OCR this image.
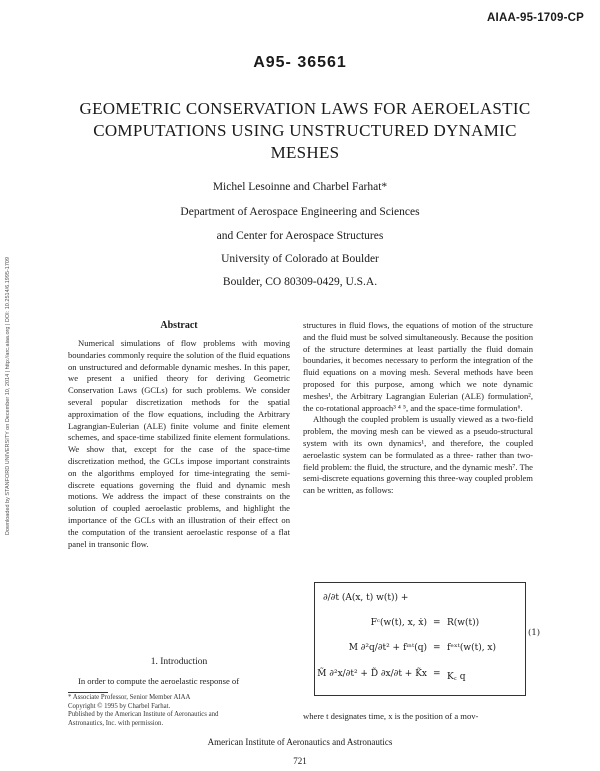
AIAA-95-1709-CP
A95- 36561
GEOMETRIC CONSERVATION LAWS FOR AEROELASTIC
COMPUTATIONS USING UNSTRUCTURED DYNAMIC
MESHES
Michel Lesoinne and Charbel Farhat*
Department of Aerospace Engineering and Sciences
and Center for Aerospace Structures
University of Colorado at Boulder
Boulder, CO 80309-0429, U.S.A.
Downloaded by STANFORD UNIVERSITY on December 10, 2014 | http://arc.aiaa.org | DOI: 10.2514/6.1995-1709	Abstract

Numerical simulations of flow problems with moving boundaries commonly require the solution of the fluid equations on unstructured and deformable dynamic meshes. In this paper, we present a unified theory for deriving Geometric Conservation Laws (GCLs) for such problems. We consider several popular discretization methods for the spatial approximation of the flow equations, including the Arbitrary Lagrangian-Eulerian (ALE) finite volume and finite element schemes, and space-time stabilized finite element formulations. We show that, except for the case of the space-time discretization method, the GCLs impose important constraints on the algorithms employed for time-integrating the semi-discrete equations governing the fluid and dynamic mesh motions. We address the impact of these constraints on the solution of coupled aeroelastic problems, and highlight the importance of the GCLs with an illustration of their effect on the computation of the transient aeroelastic response of a flat panel in transonic flow.

1. Introduction

In order to compute the aeroelastic response of

* Associate Professor, Senior Member AIAA
Copyright © 1995 by Charbel Farhat.
Published by the American Institute of Aeronautics and
Astronautics, Inc. with permission.

structures in fluid flows, the equations of motion of the structure and the fluid must be solved simultaneously. Because the position of the structure determines at least partially the fluid domain boundaries, it becomes necessary to perform the integration of the fluid equations on a moving mesh. Several methods have been proposed for this purpose, among which we note dynamic meshes¹, the Arbitrary Lagrangian Eulerian (ALE) formulation², the co-rotational approach³ ⁴ ⁵, and the space-time formulation⁶.

Although the coupled problem is usually viewed as a two-field problem, the moving mesh can be viewed as a pseudo-structural system with its own dynamics¹, and therefore, the coupled aeroelastic system can be formulated as a three- rather than two-field problem: the fluid, the structure, and the dynamic mesh⁷. The semi-discrete equations governing this three-way coupled problem can be written, as follows:

∂/∂t (A(x, t) w(t)) +
Fᶜ(w(t), x, ẋ) = R(w(t))
M ∂²q/∂t² + fⁱⁿᵗ(q) = fᵉˣᵗ(w(t), x)
M̃ ∂²x/∂t² + D̃ ∂x/∂t + K̃x = K꜀ q
(1)

where t designates time, x is the position of a mov-

American Institute of Aeronautics and Astronautics
721
